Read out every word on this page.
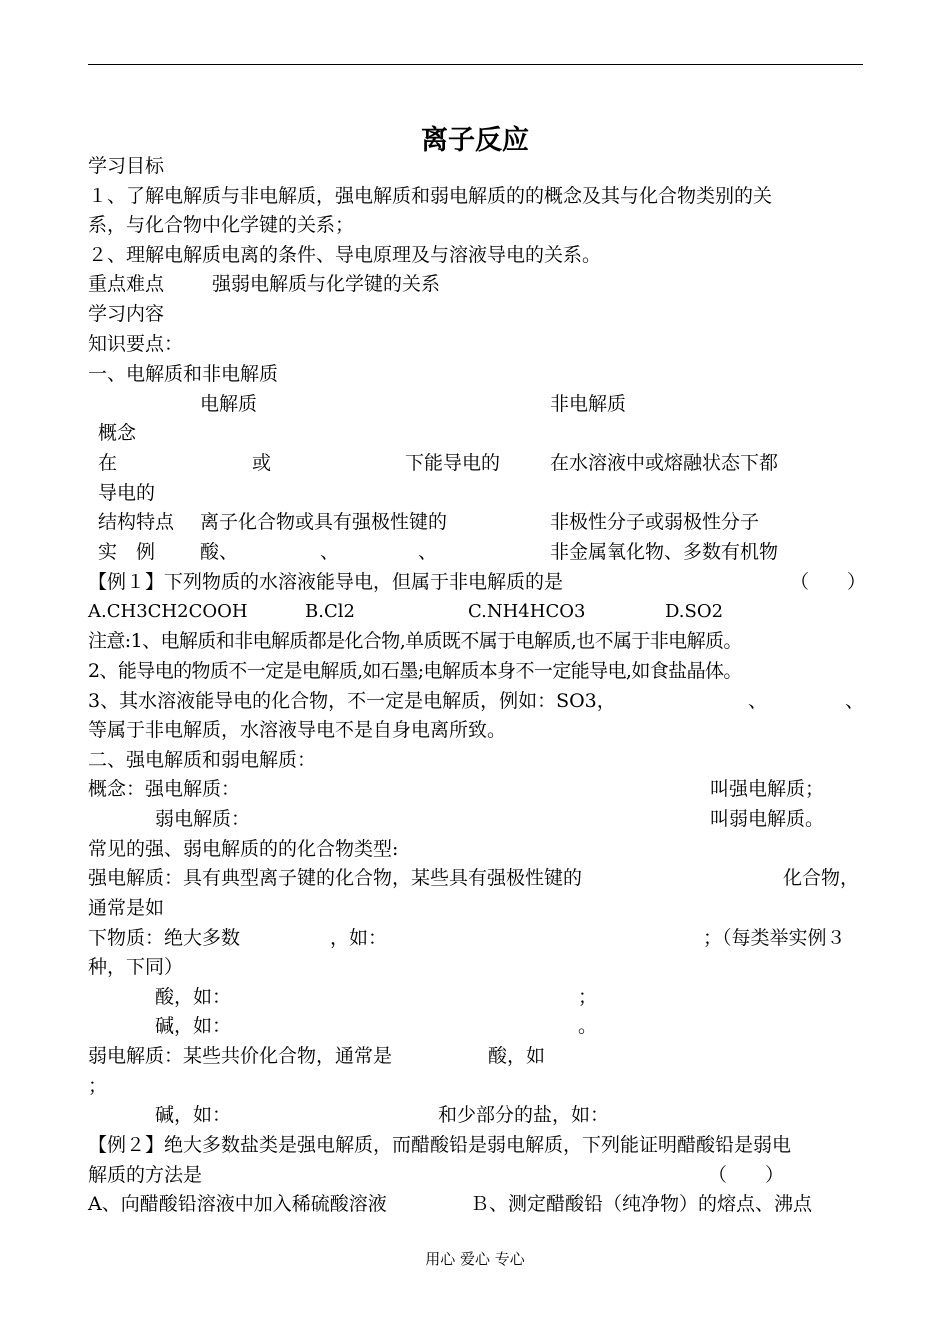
离子反应
学习目标
１、了解电解质与非电解质，强电解质和弱电解质的的概念及其与化合物类别的关
系，与化合物中化学键的关系；
２、理解电解质电离的条件、导电原理及与溶液导电的关系。
重点难点	强弱电解质与化学键的关系
学习内容
知识要点：
一、电解质和非电解质
电解质	非电解质
概念
在	或	下能导电的	在水溶液中或熔融状态下都
导电的
结构特点 离子化合物或具有强极性键的	非极性分子或弱极性分子
实　例 酸、	、	、	非金属氧化物、多数有机物
【例１】下列物质的水溶液能导电，但属于非电解质的是	（　　）
A.CH3CH2COOH	B.Cl2	C.NH4HCO3	D.SO2
注意:1、电解质和非电解质都是化合物,单质既不属于电解质,也不属于非电解质。
2、能导电的物质不一定是电解质,如石墨;电解质本身不一定能导电,如食盐晶体。
3、其水溶液能导电的化合物，不一定是电解质，例如：SO3，	、	、
等属于非电解质，水溶液导电不是自身电离所致。
二、强电解质和弱电解质：
概念：强电解质：	叫强电解质；
弱电解质：	叫弱电解质。
常见的强、弱电解质的的化合物类型:
强电解质：具有典型离子键的化合物，某些具有强极性键的	化合物，
通常是如
下物质：绝大多数	，如：	；（每类举实例３
种，下同）
酸，如：	；
碱，如：	。
弱电解质：某些共价化合物，通常是	酸，如
；
碱，如：	和少部分的盐，如：
【例２】绝大多数盐类是强电解质，而醋酸铅是弱电解质，下列能证明醋酸铅是弱电
解质的方法是	（　　）
A、向醋酸铅溶液中加入稀硫酸溶液	Ｂ、测定醋酸铅（纯净物）的熔点、沸点
用心 爱心 专心
